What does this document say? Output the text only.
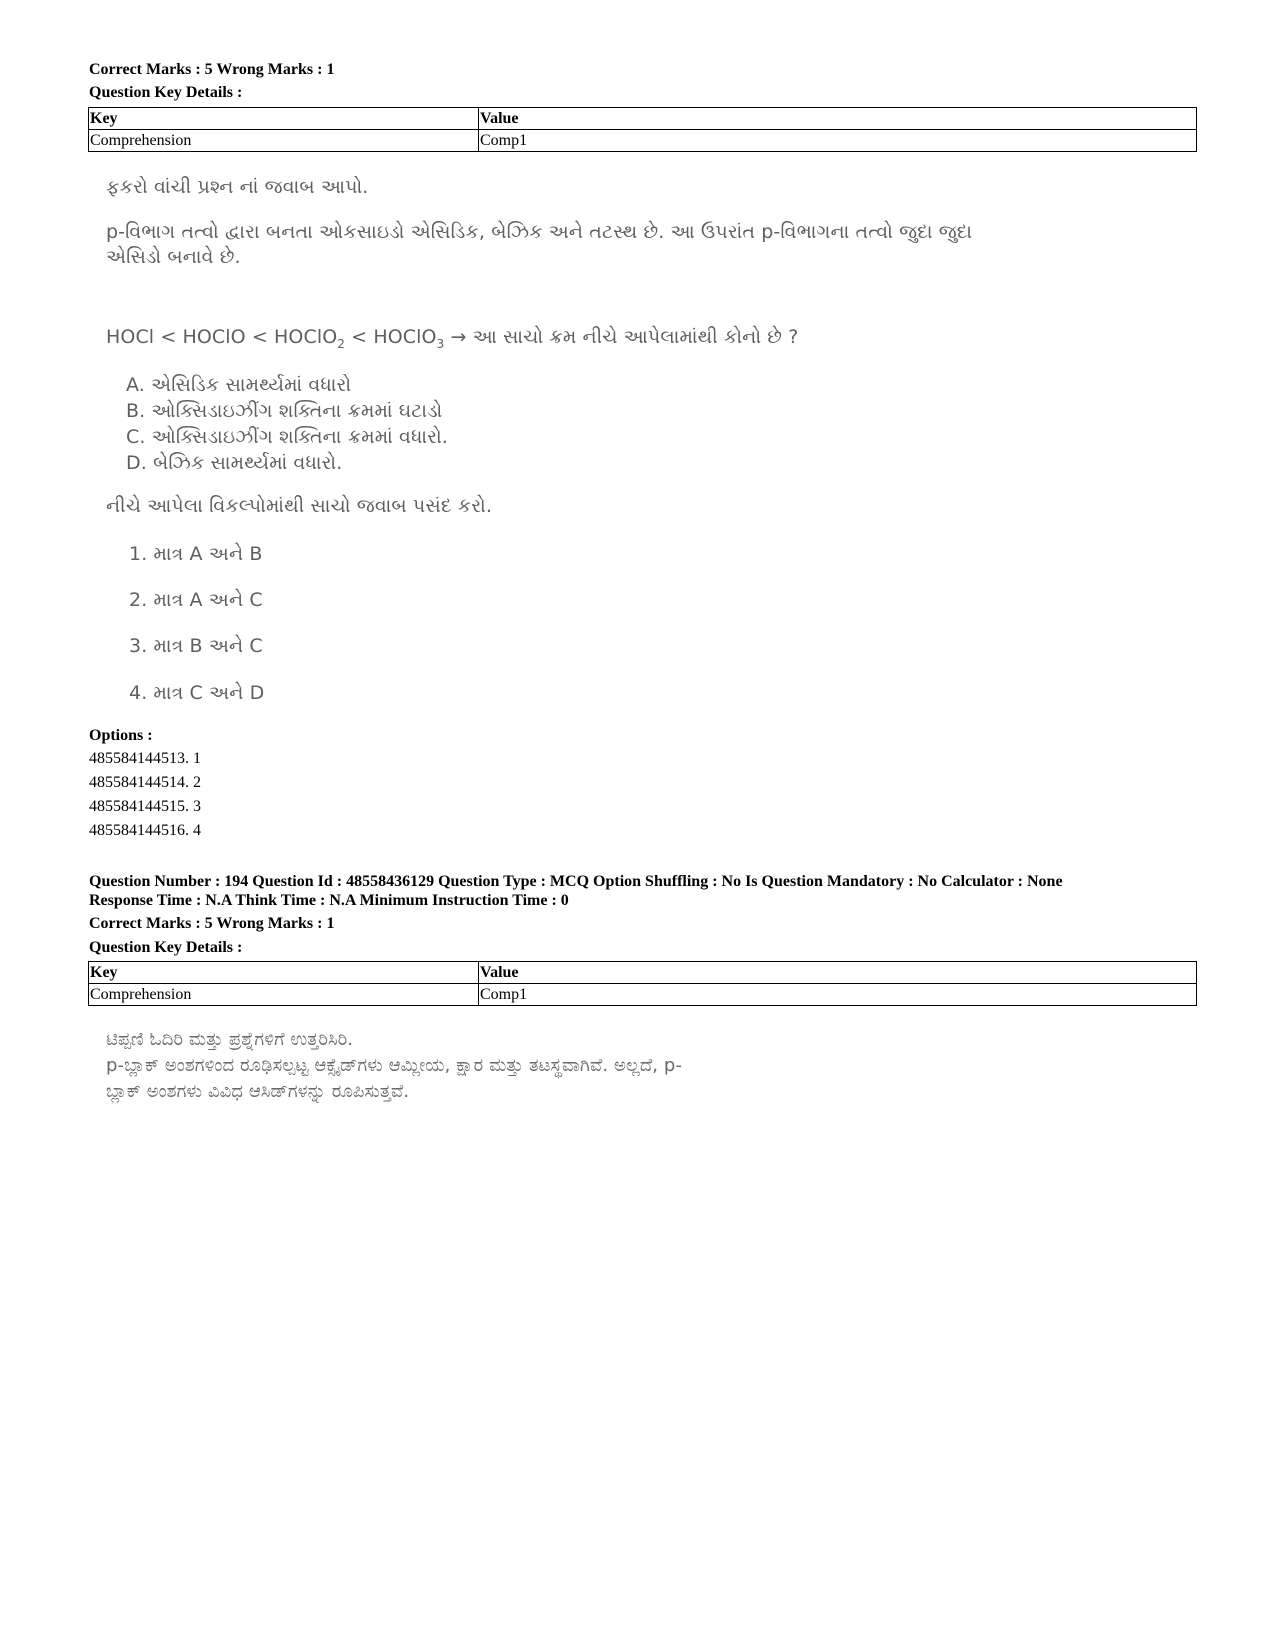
Correct Marks : 5 Wrong Marks : 1
Question Key Details :
Key	Value
Comprehension	Comp1
ફકરો વાંચી પ્રશ્ન નાં જવાબ આપો.
p-વિભાગ તત્વો દ્વારા બનતા ઓકસાઇડો એસિડિક, બેઝિક અને તટસ્થ છે. આ ઉપરાંત p-વિભાગના તત્વો જુદા જુદા
એસિડો બનાવે છે.
HOCl < HOClO < HOClO$_2$ < HOClO$_3$ → આ સાચો ક્રમ નીચે આપેલામાંથી કોનો છે ?
A. એસિડિક સામર્થ્યમાં વધારો
B. ઓક્સિડાઇઝીંગ શક્તિના ક્રમમાં ઘટાડો
C. ઓક્સિડાઇઝીંગ શક્તિના ક્રમમાં વધારો.
D. બેઝિક સામર્થ્યમાં વધારો.
નીચે આપેલા વિકલ્પોમાંથી સાચો જવાબ પસંદ કરો.
1. માત્ર A અને B
2. માત્ર A અને C
3. માત્ર B અને C
4. માત્ર C અને D
Options :
485584144513. 1
485584144514. 2
485584144515. 3
485584144516. 4
Question Number : 194 Question Id : 48558436129 Question Type : MCQ Option Shuffling : No Is Question Mandatory : No Calculator : None
Response Time : N.A Think Time : N.A Minimum Instruction Time : 0
Correct Marks : 5 Wrong Marks : 1
Question Key Details :
Key	Value
Comprehension	Comp1
ಟಿಪ್ಪಣಿ ಓದಿರಿ ಮತ್ತು ಪ್ರಶ್ನೆಗಳಿಗೆ ಉತ್ತರಿಸಿರಿ.
p-ಬ್ಲಾಕ್ ಅಂಶಗಳಿಂದ ರೂಢಿಸಲ್ಪಟ್ಟ ಆಕ್ಸೈಡ್‌ಗಳು ಆಮ್ಲೀಯ, ಕ್ಷಾರ ಮತ್ತು ತಟಸ್ಥವಾಗಿವೆ. ಅಲ್ಲದೆ, p-
ಬ್ಲಾಕ್ ಅಂಶಗಳು ವಿವಿಧ ಆಸಿಡ್‌ಗಳನ್ನು ರೂಪಿಸುತ್ತವೆ.
